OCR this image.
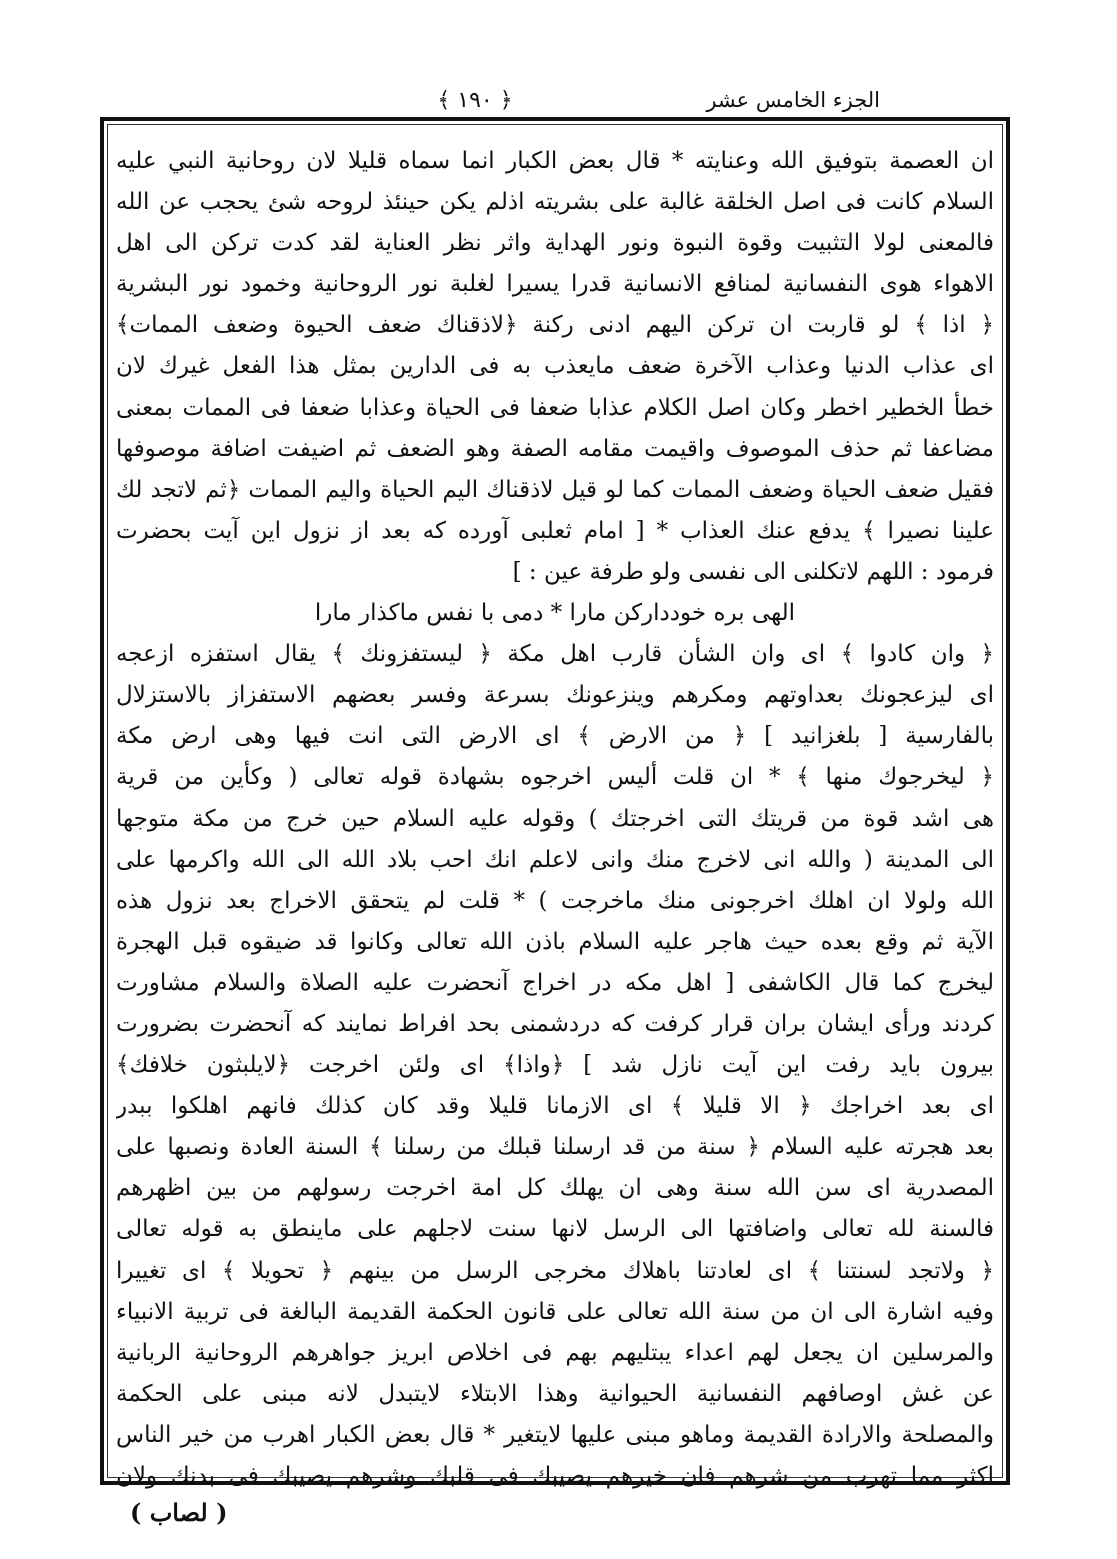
الجزء الخامس عشر
﴿ ١٩٠ ﴾
ان العصمة بتوفيق الله وعنايته * قال بعض الكبار انما سماه قليلا لان روحانية النبي عليه
السلام كانت فى اصل الخلقة غالبة على بشريته اذلم يكن حينئذ لروحه شئ يحجب عن الله
فالمعنى لولا التثبيت وقوة النبوة ونور الهداية واثر نظر العناية لقد كدت تركن الى اهل
الاهواء هوى النفسانية لمنافع الانسانية قدرا يسيرا لغلبة نور الروحانية وخمود نور البشرية
﴿ اذا ﴾ لو قاربت ان تركن اليهم ادنى ركنة ﴿لاذقناك ضعف الحيوة وضعف الممات﴾
اى عذاب الدنيا وعذاب الآخرة ضعف مايعذب به فى الدارين بمثل هذا الفعل غيرك لان
خطأ الخطير اخطر وكان اصل الكلام عذابا ضعفا فى الحياة وعذابا ضعفا فى الممات بمعنى
مضاعفا ثم حذف الموصوف واقيمت مقامه الصفة وهو الضعف ثم اضيفت اضافة موصوفها
فقيل ضعف الحياة وضعف الممات كما لو قيل لاذقناك اليم الحياة واليم الممات ﴿ثم لاتجد لك
علينا نصيرا ﴾ يدفع عنك العذاب * [ امام ثعلبى آورده كه بعد از نزول اين آيت بحضرت
فرمود : اللهم لاتكلنى الى نفسى ولو طرفة عين : ]
الهى بره خودداركن مارا * دمى با نفس ماكذار مارا
﴿ وان كادوا ﴾ اى وان الشأن قارب اهل مكة ﴿ ليستفزونك ﴾ يقال استفزه ازعجه
اى ليزعجونك بعداوتهم ومكرهم وينزعونك بسرعة وفسر بعضهم الاستفزاز بالاستزلال
بالفارسية [ بلغزانيد ] ﴿ من الارض ﴾ اى الارض التى انت فيها وهى ارض مكة
﴿ ليخرجوك منها ﴾ * ان قلت أليس اخرجوه بشهادة قوله تعالى ( وكأين من قرية
هى اشد قوة من قريتك التى اخرجتك ) وقوله عليه السلام حين خرج من مكة متوجها
الى المدينة ( والله انى لاخرج منك وانى لاعلم انك احب بلاد الله الى الله واكرمها على
الله ولولا ان اهلك اخرجونى منك ماخرجت ) * قلت لم يتحقق الاخراج بعد نزول هذه
الآية ثم وقع بعده حيث هاجر عليه السلام باذن الله تعالى وكانوا قد ضيقوه قبل الهجرة
ليخرج كما قال الكاشفى [ اهل مكه در اخراج آنحضرت عليه الصلاة والسلام مشاورت
كردند ورأى ايشان بران قرار كرفت كه دردشمنى بحد افراط نمايند كه آنحضرت بضرورت
بيرون بايد رفت اين آيت نازل شد ] ﴿واذا﴾ اى ولئن اخرجت ﴿لايلبثون خلافك﴾
اى بعد اخراجك ﴿ الا قليلا ﴾ اى الازمانا قليلا وقد كان كذلك فانهم اهلكوا ببدر
بعد هجرته عليه السلام ﴿ سنة من قد ارسلنا قبلك من رسلنا ﴾ السنة العادة ونصبها على
المصدرية اى سن الله سنة وهى ان يهلك كل امة اخرجت رسولهم من بين اظهرهم
فالسنة لله تعالى واضافتها الى الرسل لانها سنت لاجلهم على ماينطق به قوله تعالى
﴿ ولاتجد لسنتنا ﴾ اى لعادتنا باهلاك مخرجى الرسل من بينهم ﴿ تحويلا ﴾ اى تغييرا
وفيه اشارة الى ان من سنة الله تعالى على قانون الحكمة القديمة البالغة فى تربية الانبياء
والمرسلين ان يجعل لهم اعداء يبتليهم بهم فى اخلاص ابريز جواهرهم الروحانية الربانية
عن غش اوصافهم النفسانية الحيوانية وهذا الابتلاء لايتبدل لانه مبنى على الحكمة
والمصلحة والارادة القديمة وماهو مبنى عليها لايتغير * قال بعض الكبار اهرب من خير الناس
اكثر مما تهرب من شرهم فان خيرهم يصيبك فى قلبك وشرهم يصيبك فى بدنك ولان
( لصاب )
